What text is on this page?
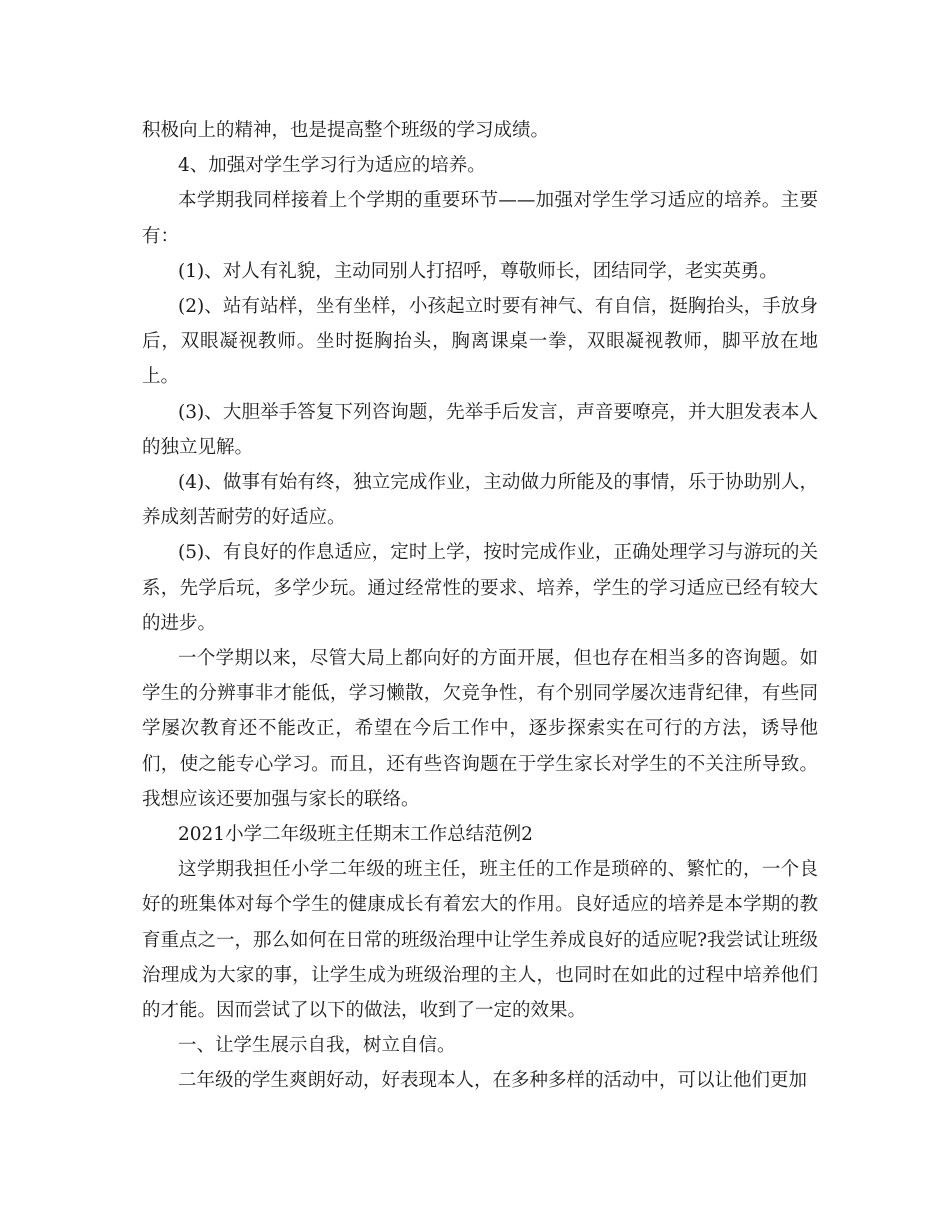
积极向上的精神，也是提高整个班级的学习成绩。

4、加强对学生学习行为适应的培养。

本学期我同样接着上个学期的重要环节——加强对学生学习适应的培养。主要有：

(1)、对人有礼貌，主动同别人打招呼，尊敬师长，团结同学，老实英勇。

(2)、站有站样，坐有坐样，小孩起立时要有神气、有自信，挺胸抬头，手放身后，双眼凝视教师。坐时挺胸抬头，胸离课桌一拳，双眼凝视教师，脚平放在地上。

(3)、大胆举手答复下列咨询题，先举手后发言，声音要嘹亮，并大胆发表本人的独立见解。

(4)、做事有始有终，独立完成作业，主动做力所能及的事情，乐于协助别人，养成刻苦耐劳的好适应。

(5)、有良好的作息适应，定时上学，按时完成作业，正确处理学习与游玩的关系，先学后玩，多学少玩。通过经常性的要求、培养，学生的学习适应已经有较大的进步。

一个学期以来，尽管大局上都向好的方面开展，但也存在相当多的咨询题。如学生的分辨事非才能低，学习懒散，欠竞争性，有个别同学屡次违背纪律，有些同学屡次教育还不能改正，希望在今后工作中，逐步探索实在可行的方法，诱导他们，使之能专心学习。而且，还有些咨询题在于学生家长对学生的不关注所导致。我想应该还要加强与家长的联络。

2021小学二年级班主任期末工作总结范例2

这学期我担任小学二年级的班主任，班主任的工作是琐碎的、繁忙的，一个良好的班集体对每个学生的健康成长有着宏大的作用。良好适应的培养是本学期的教育重点之一，那么如何在日常的班级治理中让学生养成良好的适应呢?我尝试让班级治理成为大家的事，让学生成为班级治理的主人，也同时在如此的过程中培养他们的才能。因而尝试了以下的做法，收到了一定的效果。

一、让学生展示自我，树立自信。

二年级的学生爽朗好动，好表现本人，在多种多样的活动中，可以让他们更加
